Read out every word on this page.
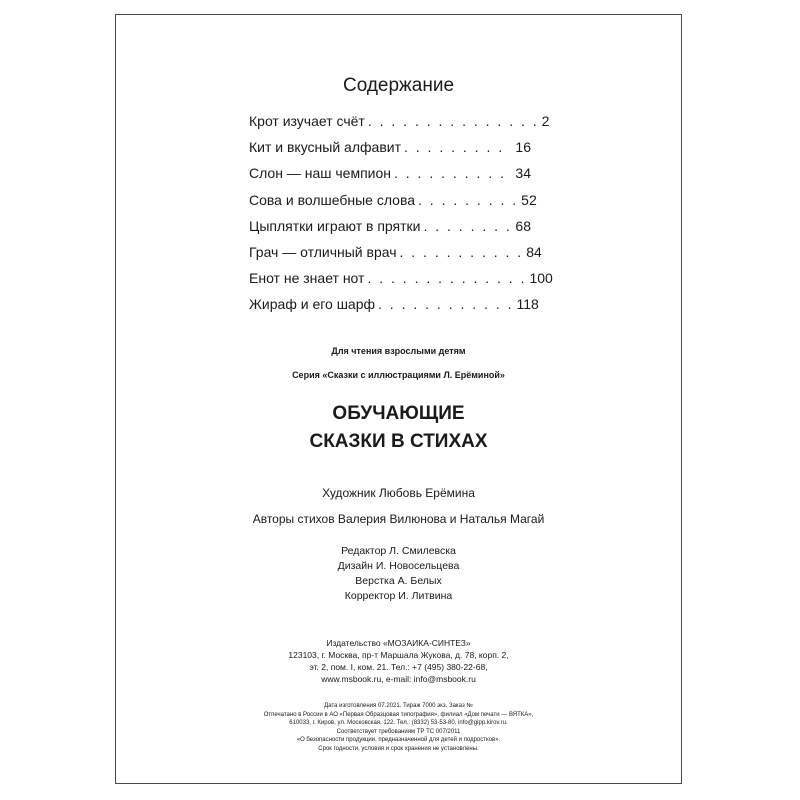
Содержание
Крот изучает счёт . . . . . . . . . . . . . . . 2
Кит и вкусный алфавит . . . . . . . . . 16
Слон — наш чемпион . . . . . . . . . . 34
Сова и волшебные слова . . . . . . . . . 52
Цыплятки играют в прятки . . . . . . . . 68
Грач — отличный врач . . . . . . . . . . . 84
Енот не знает нот . . . . . . . . . . . . . . 100
Жираф и его шарф . . . . . . . . . . . . 118
Для чтения взрослыми детям
Серия «Сказки с иллюстрациями Л. Ерёминой»
ОБУЧАЮЩИЕ
СКАЗКИ В СТИХАХ
Художник Любовь Ерёмина
Авторы стихов Валерия Вилюнова и Наталья Магай
Редактор Л. Смилевска
Дизайн И. Новосельцева
Верстка А. Белых
Корректор И. Литвина
Издательство «МОЗАИКА-СИНТЕЗ»
123103, г. Москва, пр-т Маршала Жукова, д. 78, корп. 2,
эт. 2, пом. I, ком. 21. Тел.: +7 (495) 380-22-68,
www.msbook.ru, e-mail: info@msbook.ru
Дата изготовления 07.2021. Тираж 7000 экз. Заказ №
Отпечатано в России в АО «Первая Образцовая типография», филиал «Дом печати — ВЯТКА»,
610033, г. Киров, ул. Московская, 122. Тел.: (8332) 53-53-80, info@gipp.kirov.ru.
Соответствует требованиям ТР ТС 007/2011
«О безопасности продукции, предназначенной для детей и подростков».
Срок годности, условия и срок хранения не установлены.
